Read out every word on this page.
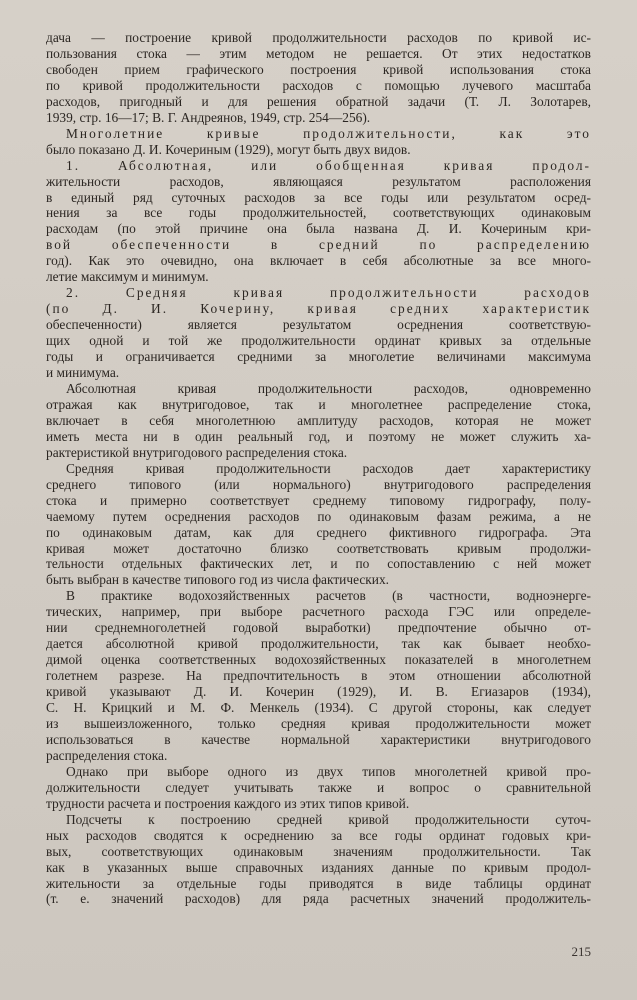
дача — построение кривой продолжительности расходов по кривой ис-

пользования стока — этим методом не решается. От этих недостатков

свободен прием графического построения кривой использования стока

по кривой продолжительности расходов с помощью лучевого масштаба

расходов, пригодный и для решения обратной задачи (Т. Л. Золотарев,

1939, стр. 16—17; В. Г. Андреянов, 1949, стр. 254—256).

Многолетние кривые продолжительности, как это

было показано Д. И. Кочериным (1929), могут быть двух видов.

1. Абсолютная, или обобщенная кривая продол-

жительности расходов, являющаяся результатом расположения

в единый ряд суточных расходов за все годы или результатом осред-

нения за все годы продолжительностей, соответствующих одинаковым

расходам (по этой причине она была названа Д. И. Кочериным кри-

вой обеспеченности в средний по распределению

год). Как это очевидно, она включает в себя абсолютные за все много-

летие максимум и минимум.

2. Средняя кривая продолжительности расходов

(по Д. И. Кочерину, кривая средних характеристик

обеспеченности) является результатом осреднения соответствую-

щих одной и той же продолжительности ординат кривых за отдельные

годы и ограничивается средними за многолетие величинами максимума

и минимума.

Абсолютная кривая продолжительности расходов, одновременно

отражая как внутригодовое, так и многолетнее распределение стока,

включает в себя многолетнюю амплитуду расходов, которая не может

иметь места ни в один реальный год, и поэтому не может служить ха-

рактеристикой внутригодового распределения стока.

Средняя кривая продолжительности расходов дает характеристику

среднего типового (или нормального) внутригодового распределения

стока и примерно соответствует среднему типовому гидрографу, полу-

чаемому путем осреднения расходов по одинаковым фазам режима, а не

по одинаковым датам, как для среднего фиктивного гидрографа. Эта

кривая может достаточно близко соответствовать кривым продолжи-

тельности отдельных фактических лет, и по сопоставлению с ней может

быть выбран в качестве типового год из числа фактических.

В практике водохозяйственных расчетов (в частности, водноэнерге-

тических, например, при выборе расчетного расхода ГЭС или определе-

нии среднемноголетней годовой выработки) предпочтение обычно от-

дается абсолютной кривой продолжительности, так как бывает необхо-

димой оценка соответственных водохозяйственных показателей в многолетнем

голетнем разрезе. На предпочтительность в этом отношении абсолютной

кривой указывают Д. И. Кочерин (1929), И. В. Егиазаров (1934),

С. Н. Крицкий и М. Ф. Менкель (1934). С другой стороны, как следует

из вышеизложенного, только средняя кривая продолжительности может

использоваться в качестве нормальной характеристики внутригодового

распределения стока.

Однако при выборе одного из двух типов многолетней кривой про-

должительности следует учитывать также и вопрос о сравнительной

трудности расчета и построения каждого из этих типов кривой.

Подсчеты к построению средней кривой продолжительности суточ-

ных расходов сводятся к осреднению за все годы ординат годовых кри-

вых, соответствующих одинаковым значениям продолжительности. Так

как в указанных выше справочных изданиях данные по кривым продол-

жительности за отдельные годы приводятся в виде таблицы ординат

(т. е. значений расходов) для ряда расчетных значений продолжитель-

215
